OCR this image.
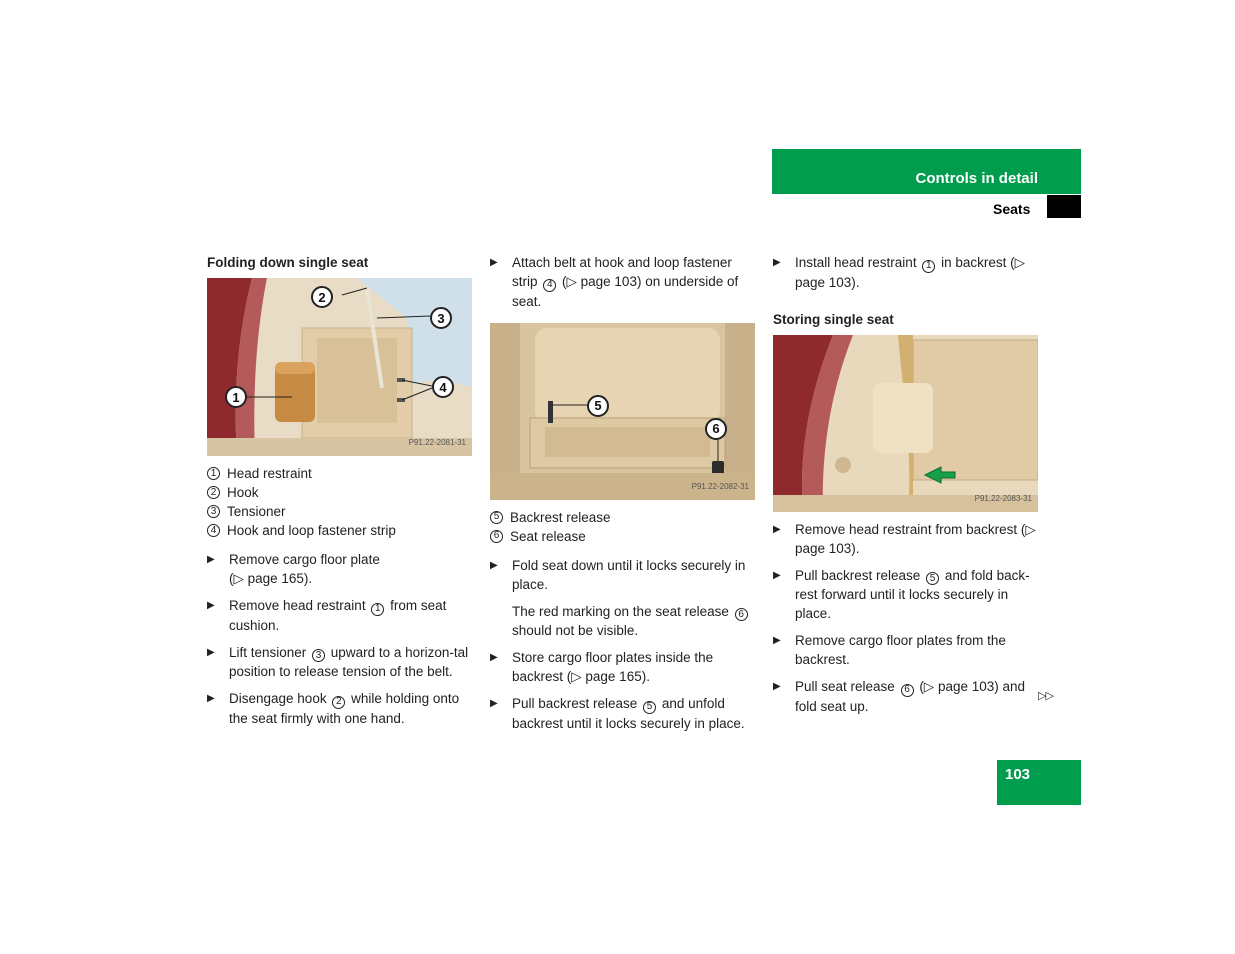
Controls in detail
Seats
Folding down single seat
2
3
1
4
P91.22-2081-31
1 Head restraint
2 Hook
3 Tensioner
4 Hook and loop fastener strip
▶ Remove cargo floor plate
(▷ page 165).
▶ Remove head restraint 1 from seat cushion.
▶ Lift tensioner 3 upward to a horizon-tal position to release tension of the belt.
▶ Disengage hook 2 while holding onto the seat firmly with one hand.
▶ Attach belt at hook and loop fastener strip 4 (▷ page 103) on underside of seat.
5
6
P91.22-2082-31
5 Backrest release
6 Seat release
▶ Fold seat down until it locks securely in place.
The red marking on the seat release 6 should not be visible.
▶ Store cargo floor plates inside the backrest (▷ page 165).
▶ Pull backrest release 5 and unfold backrest until it locks securely in place.
▶ Install head restraint 1 in backrest (▷ page 103).
Storing single seat
P91.22-2083-31
▶ Remove head restraint from backrest (▷ page 103).
▶ Pull backrest release 5 and fold back-rest forward until it locks securely in place.
▶ Remove cargo floor plates from the backrest.
▶ Pull seat release 6 (▷ page 103) and fold seat up.
▷▷
103
